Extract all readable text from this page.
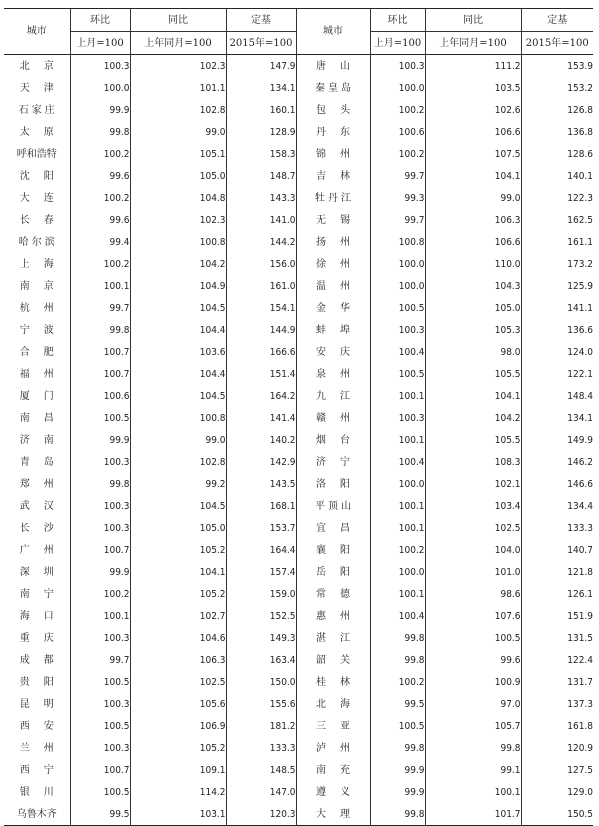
城市	环比	同比	定基	城市	环比	同比	定基
	上月=100	上年同月=100	2015年=100		上月=100	上年同月=100	2015年=100
北京	100.3	102.3	147.9	唐山	100.3	111.2	153.9
天津	100.0	101.1	134.1	秦皇岛	100.0	103.5	153.2
石家庄	99.9	102.8	160.1	包头	100.2	102.6	126.8
太原	99.8	99.0	128.9	丹东	100.6	106.6	136.8
呼和浩特	100.2	105.1	158.3	锦州	100.2	107.5	128.6
沈阳	99.6	105.0	148.7	吉林	99.7	104.1	140.1
大连	100.2	104.8	143.3	牡丹江	99.3	99.0	122.3
长春	99.6	102.3	141.0	无锡	99.7	106.3	162.5
哈尔滨	99.4	100.8	144.2	扬州	100.8	106.6	161.1
上海	100.2	104.2	156.0	徐州	100.0	110.0	173.2
南京	100.1	104.9	161.0	温州	100.0	104.3	125.9
杭州	99.7	104.5	154.1	金华	100.5	105.0	141.1
宁波	99.8	104.4	144.9	蚌埠	100.3	105.3	136.6
合肥	100.7	103.6	166.6	安庆	100.4	98.0	124.0
福州	100.7	104.4	151.4	泉州	100.5	105.5	122.1
厦门	100.6	104.5	164.2	九江	100.1	104.1	148.4
南昌	100.5	100.8	141.4	赣州	100.3	104.2	134.1
济南	99.9	99.0	140.2	烟台	100.1	105.5	149.9
青岛	100.3	102.8	142.9	济宁	100.4	108.3	146.2
郑州	99.8	99.2	143.5	洛阳	100.0	102.1	146.6
武汉	100.3	104.5	168.1	平顶山	100.1	103.4	134.4
长沙	100.3	105.0	153.7	宜昌	100.1	102.5	133.3
广州	100.7	105.2	164.4	襄阳	100.2	104.0	140.7
深圳	99.9	104.1	157.4	岳阳	100.0	101.0	121.8
南宁	100.2	105.2	159.0	常德	100.1	98.6	126.1
海口	100.1	102.7	152.5	惠州	100.4	107.6	151.9
重庆	100.3	104.6	149.3	湛江	99.8	100.5	131.5
成都	99.7	106.3	163.4	韶关	99.8	99.6	122.4
贵阳	100.5	102.5	150.0	桂林	100.2	100.9	131.7
昆明	100.3	105.6	155.6	北海	99.5	97.0	137.3
西安	100.5	106.9	181.2	三亚	100.5	105.7	161.8
兰州	100.3	105.2	133.3	泸州	99.8	99.8	120.9
西宁	100.7	109.1	148.5	南充	99.9	99.1	127.5
银川	100.5	114.2	147.0	遵义	99.9	100.1	129.0
乌鲁木齐	99.5	103.1	120.3	大理	99.8	101.7	150.5
